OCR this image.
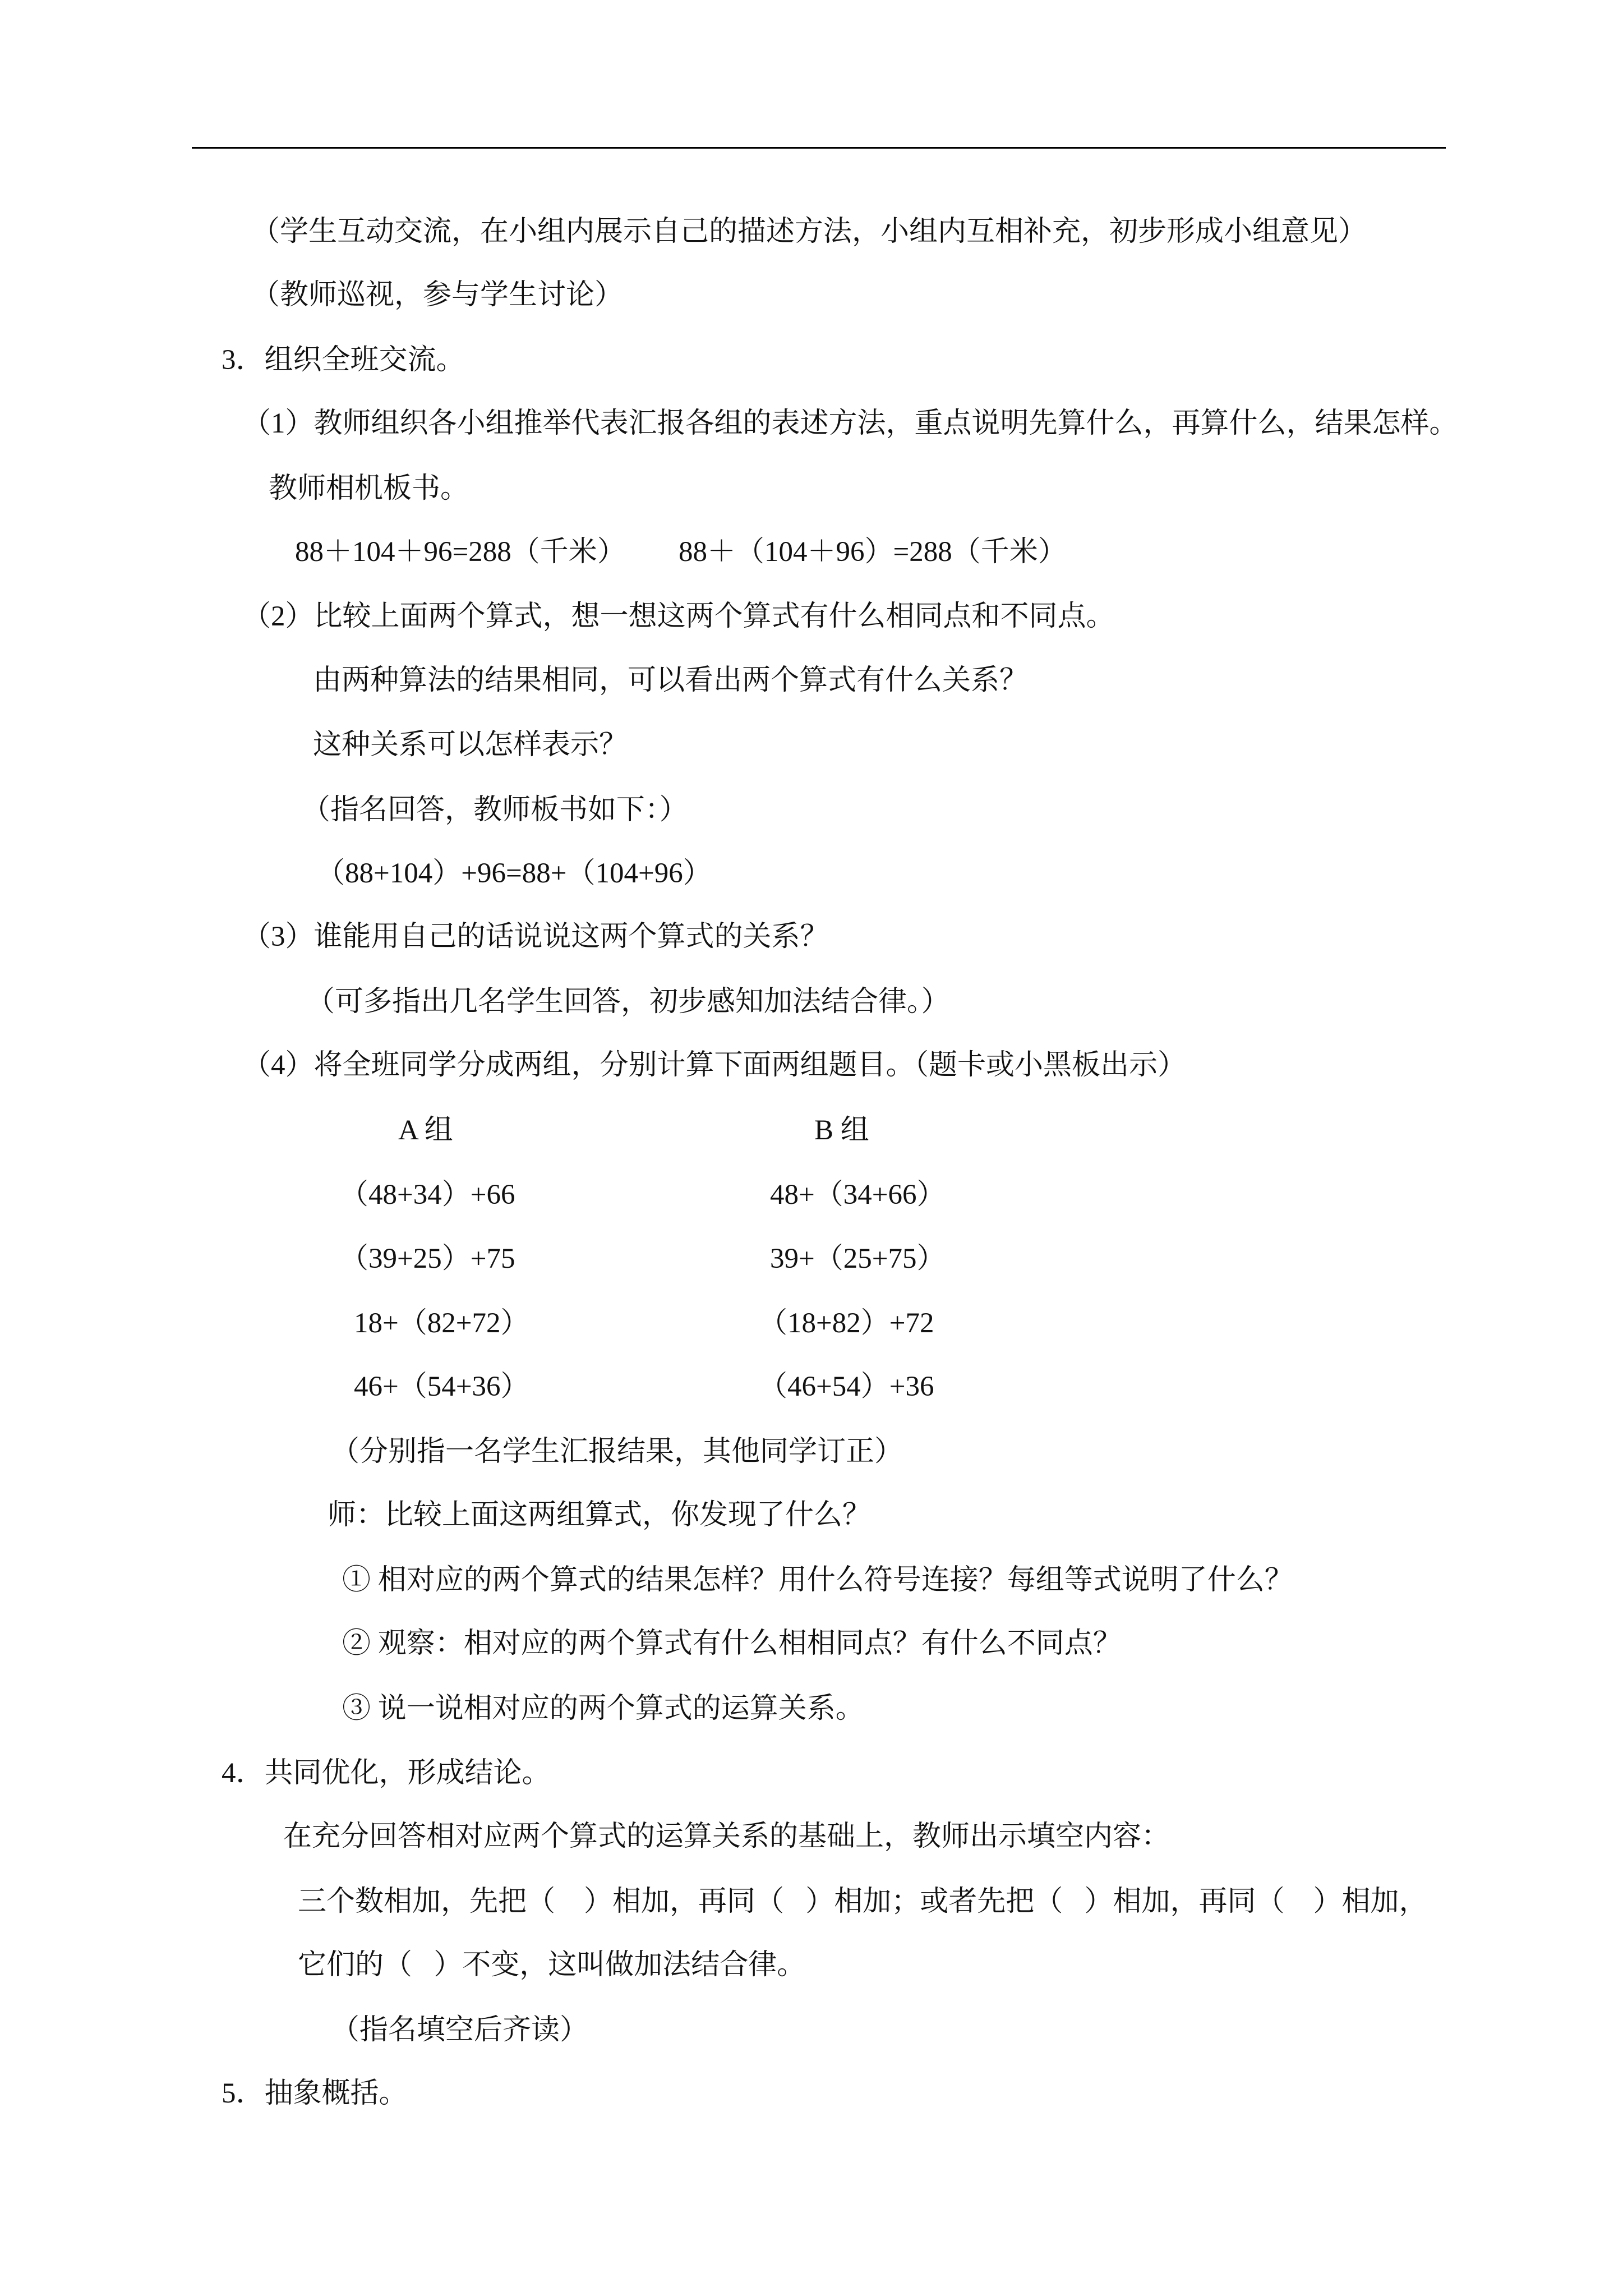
（学生互动交流，在小组内展示自己的描述方法，小组内互相补充，初步形成小组意见）
（教师巡视，参与学生讨论）
3．组织全班交流。
（1）教师组织各小组推举代表汇报各组的表述方法，重点说明先算什么，再算什么，结果怎样。
教师相机板书。
88＋104＋96=288（千米） 88＋（104＋96）=288（千米）
（2）比较上面两个算式，想一想这两个算式有什么相同点和不同点。
由两种算法的结果相同，可以看出两个算式有什么关系？
这种关系可以怎样表示？
（指名回答，教师板书如下：）
（88+104）+96=88+（104+96）
（3）谁能用自己的话说说这两个算式的关系？
（可多指出几名学生回答，初步感知加法结合律。）
（4）将全班同学分成两组，分别计算下面两组题目。（题卡或小黑板出示）
A 组	B 组
（48+34）+66	48+（34+66）
（39+25）+75	39+（25+75）
18+（82+72）	（18+82）+72
46+（54+36）	（46+54）+36
（分别指一名学生汇报结果，其他同学订正）
师：比较上面这两组算式，你发现了什么？
① 相对应的两个算式的结果怎样？用什么符号连接？每组等式说明了什么？
② 观察：相对应的两个算式有什么相相同点？有什么不同点？
③ 说一说相对应的两个算式的运算关系。
4．共同优化，形成结论。
在充分回答相对应两个算式的运算关系的基础上，教师出示填空内容：
三个数相加，先把（    ）相加，再同（   ）相加；或者先把（   ）相加，再同（    ）相加，
它们的（   ）不变，这叫做加法结合律。
（指名填空后齐读）
5．抽象概括。
